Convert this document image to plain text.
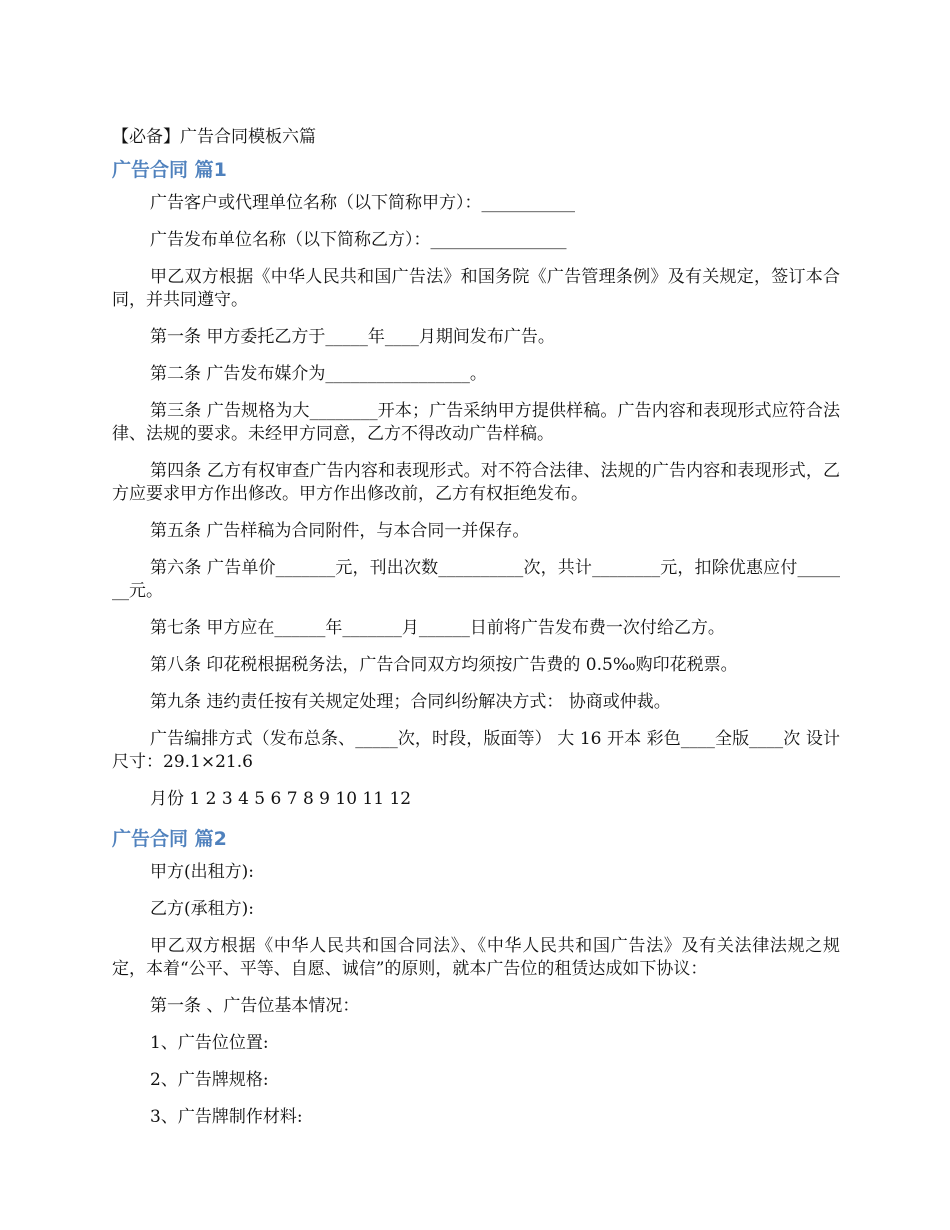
【必备】广告合同模板六篇
广告合同 篇1

广告客户或代理单位名称（以下简称甲方）：___________

广告发布单位名称（以下简称乙方）：________________

甲乙双方根据《中华人民共和国广告法》和国务院《广告管理条例》及有关规定，签订本合同，并共同遵守。

第一条 甲方委托乙方于_____年____月期间发布广告。

第二条 广告发布媒介为_________________。

第三条 广告规格为大________开本；广告采纳甲方提供样稿。广告内容和表现形式应符合法律、法规的要求。未经甲方同意，乙方不得改动广告样稿。

第四条 乙方有权审查广告内容和表现形式。对不符合法律、法规的广告内容和表现形式，乙方应要求甲方作出修改。甲方作出修改前，乙方有权拒绝发布。

第五条 广告样稿为合同附件，与本合同一并保存。

第六条 广告单价_______元，刊出次数__________次，共计________元，扣除优惠应付_______元。

第七条 甲方应在______年_______月______日前将广告发布费一次付给乙方。

第八条 印花税根据税务法，广告合同双方均须按广告费的 0.5‰购印花税票。

第九条 违约责任按有关规定处理；合同纠纷解决方式： 协商或仲裁。

广告编排方式（发布总条、_____次，时段，版面等） 大 16 开本 彩色____全版____次 设计尺寸：29.1×21.6

月份 1 2 3 4 5 6 7 8 9 10 11 12

广告合同 篇2

甲方(出租方):

乙方(承租方):

甲乙双方根据《中华人民共和国合同法》、《中华人民共和国广告法》及有关法律法规之规定，本着“公平、平等、自愿、诚信”的原则，就本广告位的租赁达成如下协议：

第一条 、广告位基本情况：

1、广告位位置:

2、广告牌规格:

3、广告牌制作材料:
